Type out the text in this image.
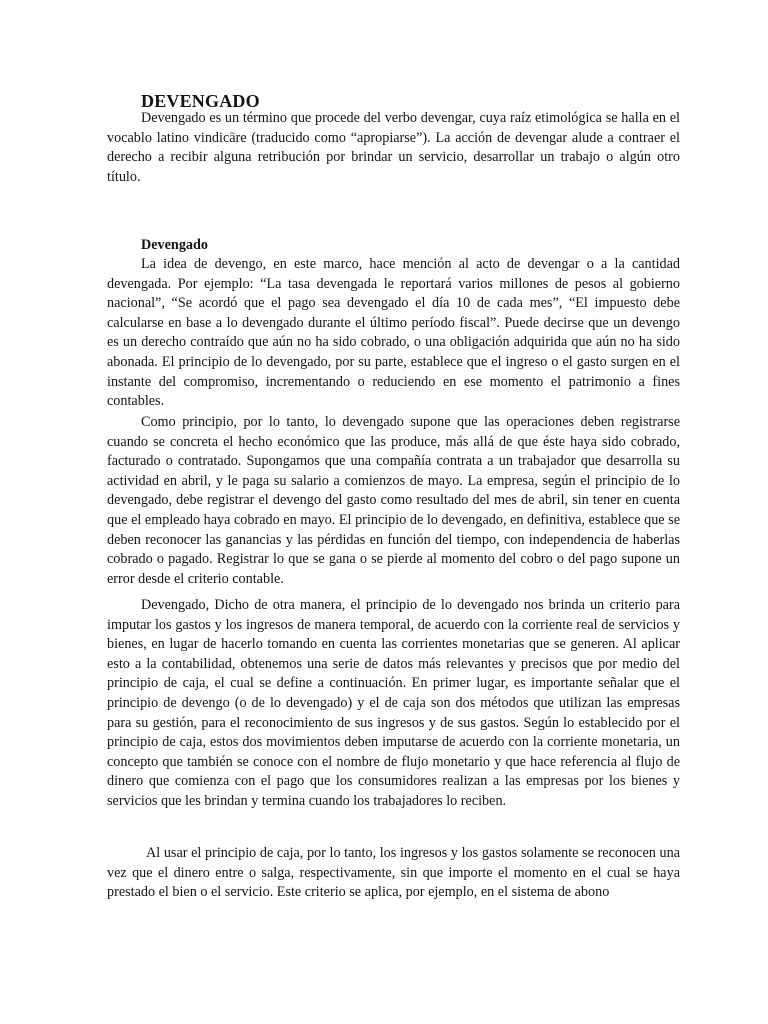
DEVENGADO

Devengado es un término que procede del verbo devengar, cuya raíz etimológica se halla en el vocablo latino vindicāre (traducido como “apropiarse”). La acción de devengar alude a contraer el derecho a recibir alguna retribución por brindar un servicio, desarrollar un trabajo o algún otro título.

Devengado

La idea de devengo, en este marco, hace mención al acto de devengar o a la cantidad devengada. Por ejemplo: “La tasa devengada le reportará varios millones de pesos al gobierno nacional”, “Se acordó que el pago sea devengado el día 10 de cada mes”, “El impuesto debe calcularse en base a lo devengado durante el último período fiscal”. Puede decirse que un devengo es un derecho contraído que aún no ha sido cobrado, o una obligación adquirida que aún no ha sido abonada. El principio de lo devengado, por su parte, establece que el ingreso o el gasto surgen en el instante del compromiso, incrementando o reduciendo en ese momento el patrimonio a fines contables.

Como principio, por lo tanto, lo devengado supone que las operaciones deben registrarse cuando se concreta el hecho económico que las produce, más allá de que éste haya sido cobrado, facturado o contratado. Supongamos que una compañía contrata a un trabajador que desarrolla su actividad en abril, y le paga su salario a comienzos de mayo. La empresa, según el principio de lo devengado, debe registrar el devengo del gasto como resultado del mes de abril, sin tener en cuenta que el empleado haya cobrado en mayo. El principio de lo devengado, en definitiva, establece que se deben reconocer las ganancias y las pérdidas en función del tiempo, con independencia de haberlas cobrado o pagado. Registrar lo que se gana o se pierde al momento del cobro o del pago supone un error desde el criterio contable.

Devengado, Dicho de otra manera, el principio de lo devengado nos brinda un criterio para imputar los gastos y los ingresos de manera temporal, de acuerdo con la corriente real de servicios y bienes, en lugar de hacerlo tomando en cuenta las corrientes monetarias que se generen. Al aplicar esto a la contabilidad, obtenemos una serie de datos más relevantes y precisos que por medio del principio de caja, el cual se define a continuación. En primer lugar, es importante señalar que el principio de devengo (o de lo devengado) y el de caja son dos métodos que utilizan las empresas para su gestión, para el reconocimiento de sus ingresos y de sus gastos. Según lo establecido por el principio de caja, estos dos movimientos deben imputarse de acuerdo con la corriente monetaria, un concepto que también se conoce con el nombre de flujo monetario y que hace referencia al flujo de dinero que comienza con el pago que los consumidores realizan a las empresas por los bienes y servicios que les brindan y termina cuando los trabajadores lo reciben.

Al usar el principio de caja, por lo tanto, los ingresos y los gastos solamente se reconocen una vez que el dinero entre o salga, respectivamente, sin que importe el momento en el cual se haya prestado el bien o el servicio. Este criterio se aplica, por ejemplo, en el sistema de abono
